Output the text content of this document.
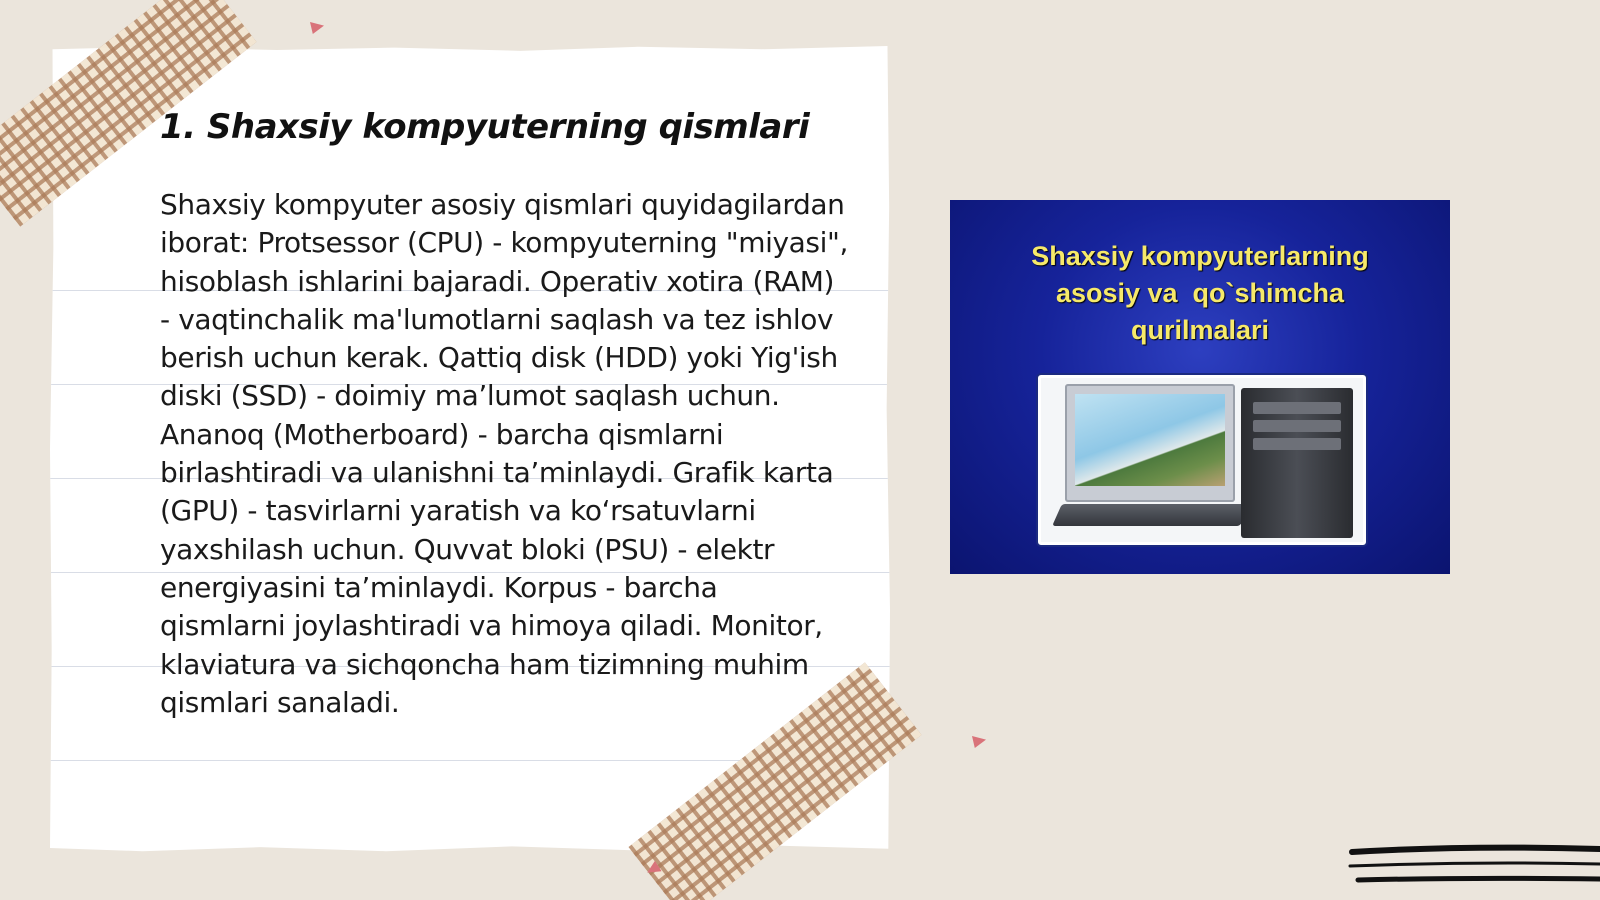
1. Shaxsiy kompyuterning qismlari

Shaxsiy kompyuter asosiy qismlari quyidagilardan iborat: Protsessor (CPU) - kompyuterning "miyasi", hisoblash ishlarini bajaradi. Operativ xotira (RAM) - vaqtinchalik ma'lumotlarni saqlash va tez ishlov berish uchun kerak. Qattiq disk (HDD) yoki Yig'ish diski (SSD) - doimiy ma’lumot saqlash uchun. Ananoq (Motherboard) - barcha qismlarni birlashtiradi va ulanishni ta’minlaydi. Grafik karta (GPU) - tasvirlarni yaratish va ko‘rsatuvlarni yaxshilash uchun. Quvvat bloki (PSU) - elektr energiyasini ta’minlaydi. Korpus - barcha qismlarni joylashtiradi va himoya qiladi. Monitor, klaviatura va sichqoncha ham tizimning muhim qismlari sanaladi.

Shaxsiy kompyuterlarning
asosiy va  qo`shimcha
qurilmalari
